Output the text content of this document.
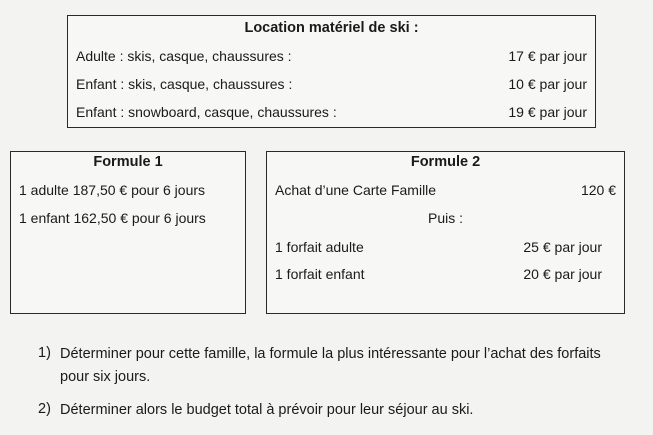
Location matériel de ski :
Adulte : skis, casque, chaussures :	17 € par jour
Enfant : skis, casque, chaussures :	10 € par jour
Enfant : snowboard, casque, chaussures :	19 € par jour
Formule 1
1 adulte 187,50 € pour 6 jours
1 enfant 162,50 € pour 6 jours
Formule 2
Achat d’une Carte Famille	120 €
Puis :
1 forfait adulte	25 € par jour
1 forfait enfant	20 € par jour
1) Déterminer pour cette famille, la formule la plus intéressante pour l’achat des forfaits pour six jours.
2) Déterminer alors le budget total à prévoir pour leur séjour au ski.
